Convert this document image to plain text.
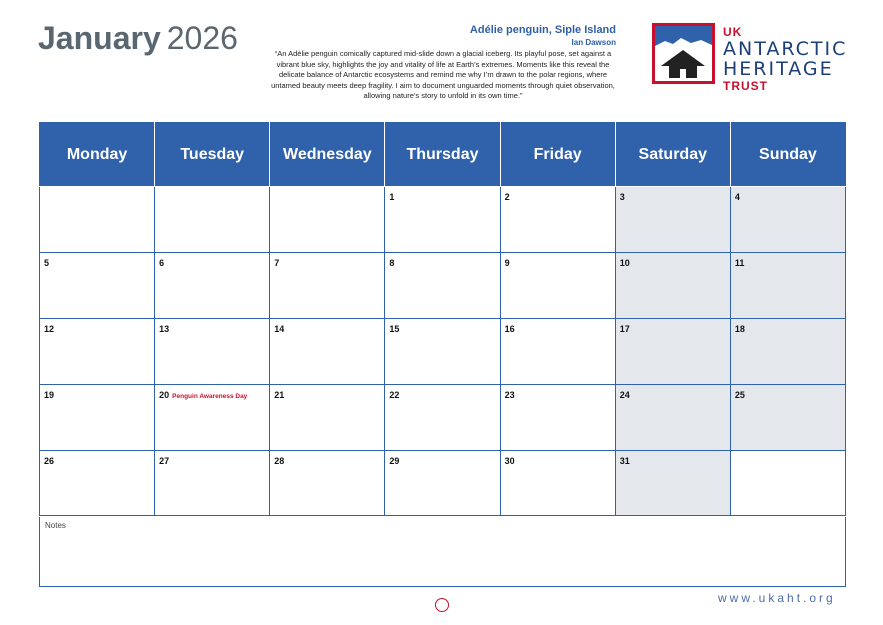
January 2026	Adélie penguin, Siple Island
Ian Dawson
“An Adélie penguin comically captured mid-slide down a glacial iceberg. Its playful pose, set against a vibrant blue sky, highlights the joy and vitality of life at Earth’s extremes. Moments like this reveal the delicate balance of Antarctic ecosystems and remind me why I’m drawn to the polar regions, where untamed beauty meets deep fragility. I aim to document unguarded moments through quiet observation, allowing nature’s story to unfold in its own time.”
UK
ANTARCTIC
HERITAGE
TRUST
Monday	Tuesday	Wednesday	Thursday	Friday	Saturday	Sunday
			1	2	3	4
5	6	7	8	9	10	11
12	13	14	15	16	17	18
19	20 Penguin Awareness Day	21	22	23	24	25
26	27	28	29	30	31	
Notes
www.ukaht.org
